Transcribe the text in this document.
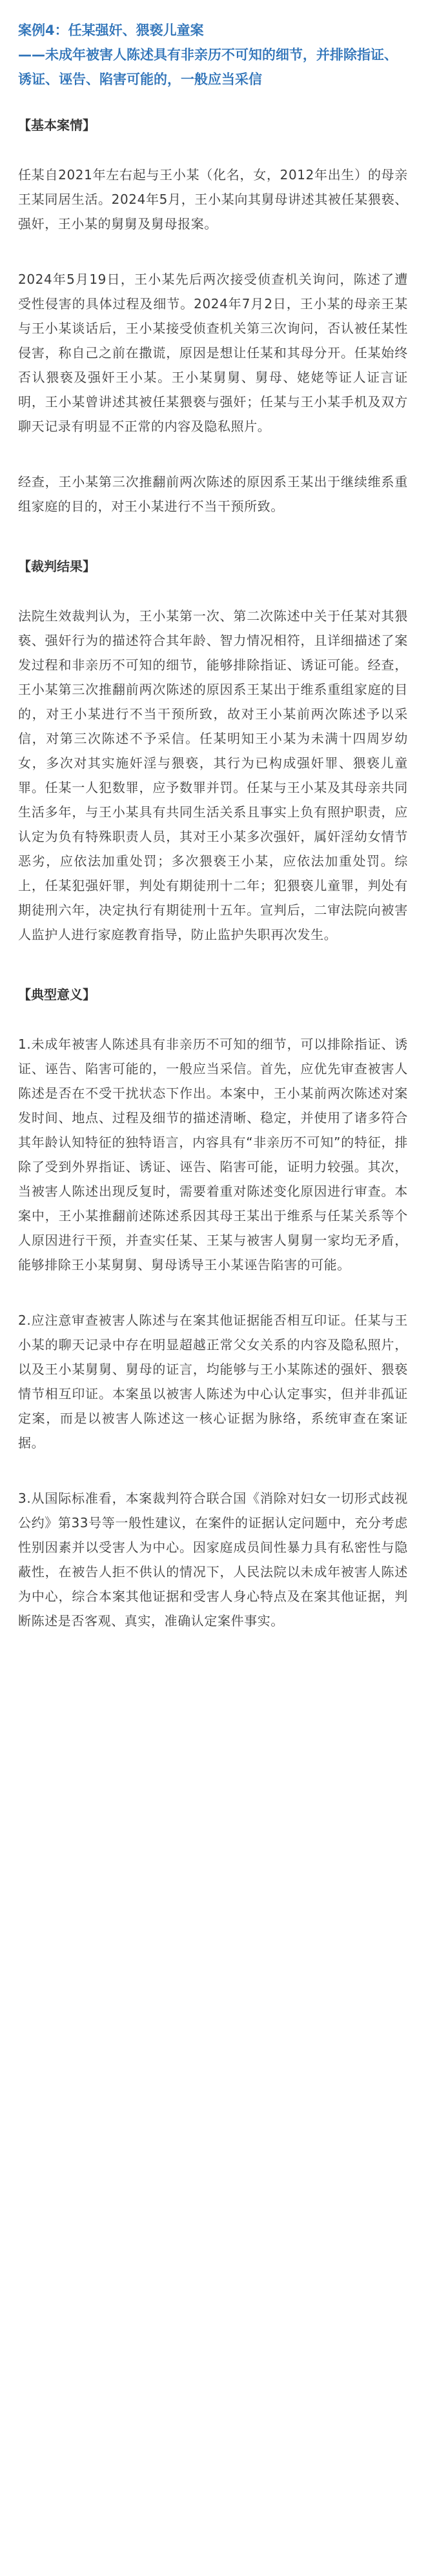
案例4：任某强奸、猥亵儿童案
——未成年被害人陈述具有非亲历不可知的细节，并排除指证、诱证、诬告、陷害可能的，一般应当采信
【基本案情】

任某自2021年左右起与王小某（化名，女，2012年出生）的母亲王某同居生活。2024年5月，王小某向其舅母讲述其被任某猥亵、强奸，王小某的舅舅及舅母报案。

2024年5月19日，王小某先后两次接受侦查机关询问，陈述了遭受性侵害的具体过程及细节。2024年7月2日，王小某的母亲王某与王小某谈话后，王小某接受侦查机关第三次询问，否认被任某性侵害，称自己之前在撒谎，原因是想让任某和其母分开。任某始终否认猥亵及强奸王小某。王小某舅舅、舅母、姥姥等证人证言证明，王小某曾讲述其被任某猥亵与强奸；任某与王小某手机及双方聊天记录有明显不正常的内容及隐私照片。

经查，王小某第三次推翻前两次陈述的原因系王某出于继续维系重组家庭的目的，对王小某进行不当干预所致。

【裁判结果】

法院生效裁判认为，王小某第一次、第二次陈述中关于任某对其猥亵、强奸行为的描述符合其年龄、智力情况相符，且详细描述了案发过程和非亲历不可知的细节，能够排除指证、诱证可能。经查，王小某第三次推翻前两次陈述的原因系王某出于维系重组家庭的目的，对王小某进行不当干预所致，故对王小某前两次陈述予以采信，对第三次陈述不予采信。任某明知王小某为未满十四周岁幼女，多次对其实施奸淫与猥亵，其行为已构成强奸罪、猥亵儿童罪。任某一人犯数罪，应予数罪并罚。任某与王小某及其母亲共同生活多年，与王小某具有共同生活关系且事实上负有照护职责，应认定为负有特殊职责人员，其对王小某多次强奸，属奸淫幼女情节恶劣，应依法加重处罚；多次猥亵王小某，应依法加重处罚。综上，任某犯强奸罪，判处有期徒刑十二年；犯猥亵儿童罪，判处有期徒刑六年，决定执行有期徒刑十五年。宣判后，二审法院向被害人监护人进行家庭教育指导，防止监护失职再次发生。

【典型意义】

1.未成年被害人陈述具有非亲历不可知的细节，可以排除指证、诱证、诬告、陷害可能的，一般应当采信。首先，应优先审查被害人陈述是否在不受干扰状态下作出。本案中，王小某前两次陈述对案发时间、地点、过程及细节的描述清晰、稳定，并使用了诸多符合其年龄认知特征的独特语言，内容具有“非亲历不可知”的特征，排除了受到外界指证、诱证、诬告、陷害可能，证明力较强。其次，当被害人陈述出现反复时，需要着重对陈述变化原因进行审查。本案中，王小某推翻前述陈述系因其母王某出于维系与任某关系等个人原因进行干预，并查实任某、王某与被害人舅舅一家均无矛盾，能够排除王小某舅舅、舅母诱导王小某诬告陷害的可能。

2.应注意审查被害人陈述与在案其他证据能否相互印证。任某与王小某的聊天记录中存在明显超越正常父女关系的内容及隐私照片，以及王小某舅舅、舅母的证言，均能够与王小某陈述的强奸、猥亵情节相互印证。本案虽以被害人陈述为中心认定事实，但并非孤证定案，而是以被害人陈述这一核心证据为脉络，系统审查在案证据。

3.从国际标准看，本案裁判符合联合国《消除对妇女一切形式歧视公约》第33号等一般性建议，在案件的证据认定问题中，充分考虑性别因素并以受害人为中心。因家庭成员间性暴力具有私密性与隐蔽性，在被告人拒不供认的情况下，人民法院以未成年被害人陈述为中心，综合本案其他证据和受害人身心特点及在案其他证据，判断陈述是否客观、真实，准确认定案件事实。
